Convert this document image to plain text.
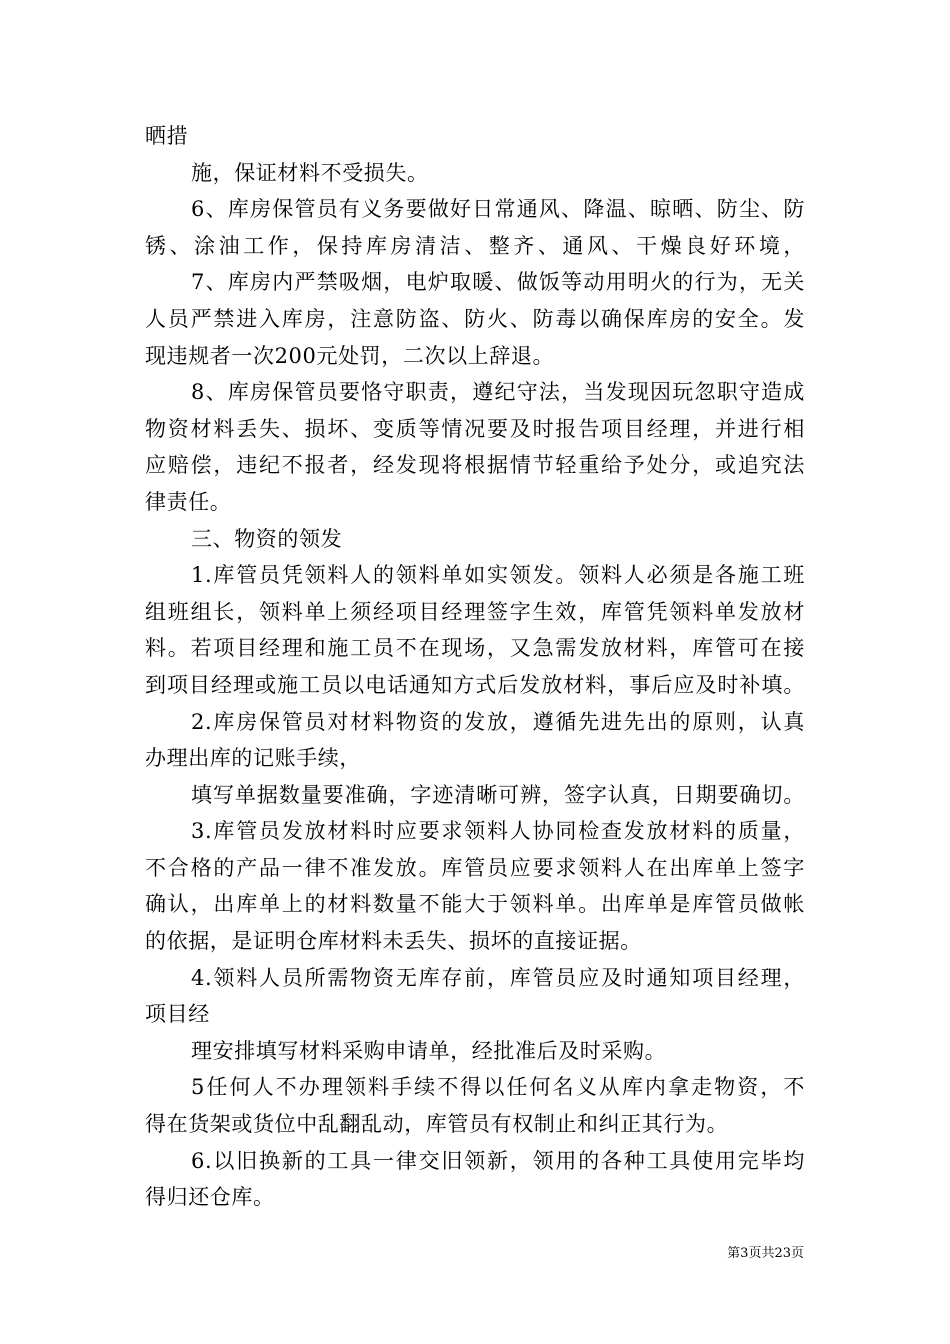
晒措
施，保证材料不受损失。
6、库房保管员有义务要做好日常通风、降温、晾晒、防尘、防
锈、涂油工作，保持库房清洁、整齐、通风、干燥良好环境，
7、库房内严禁吸烟，电炉取暖、做饭等动用明火的行为，无关
人员严禁进入库房，注意防盗、防火、防毒以确保库房的安全。发
现违规者一次200元处罚，二次以上辞退。
8、库房保管员要恪守职责，遵纪守法，当发现因玩忽职守造成
物资材料丢失、损坏、变质等情况要及时报告项目经理，并进行相
应赔偿，违纪不报者，经发现将根据情节轻重给予处分，或追究法
律责任。
三、物资的领发
1.库管员凭领料人的领料单如实领发。领料人必须是各施工班
组班组长，领料单上须经项目经理签字生效，库管凭领料单发放材
料。若项目经理和施工员不在现场，又急需发放材料，库管可在接
到项目经理或施工员以电话通知方式后发放材料，事后应及时补填。
2.库房保管员对材料物资的发放，遵循先进先出的原则，认真
办理出库的记账手续，
填写单据数量要准确，字迹清晰可辨，签字认真，日期要确切。
3.库管员发放材料时应要求领料人协同检查发放材料的质量，
不合格的产品一律不准发放。库管员应要求领料人在出库单上签字
确认，出库单上的材料数量不能大于领料单。出库单是库管员做帐
的依据，是证明仓库材料未丢失、损坏的直接证据。
4.领料人员所需物资无库存前，库管员应及时通知项目经理，
项目经
理安排填写材料采购申请单，经批准后及时采购。
5任何人不办理领料手续不得以任何名义从库内拿走物资，不
得在货架或货位中乱翻乱动，库管员有权制止和纠正其行为。
6.以旧换新的工具一律交旧领新，领用的各种工具使用完毕均
得归还仓库。
第3页共23页
